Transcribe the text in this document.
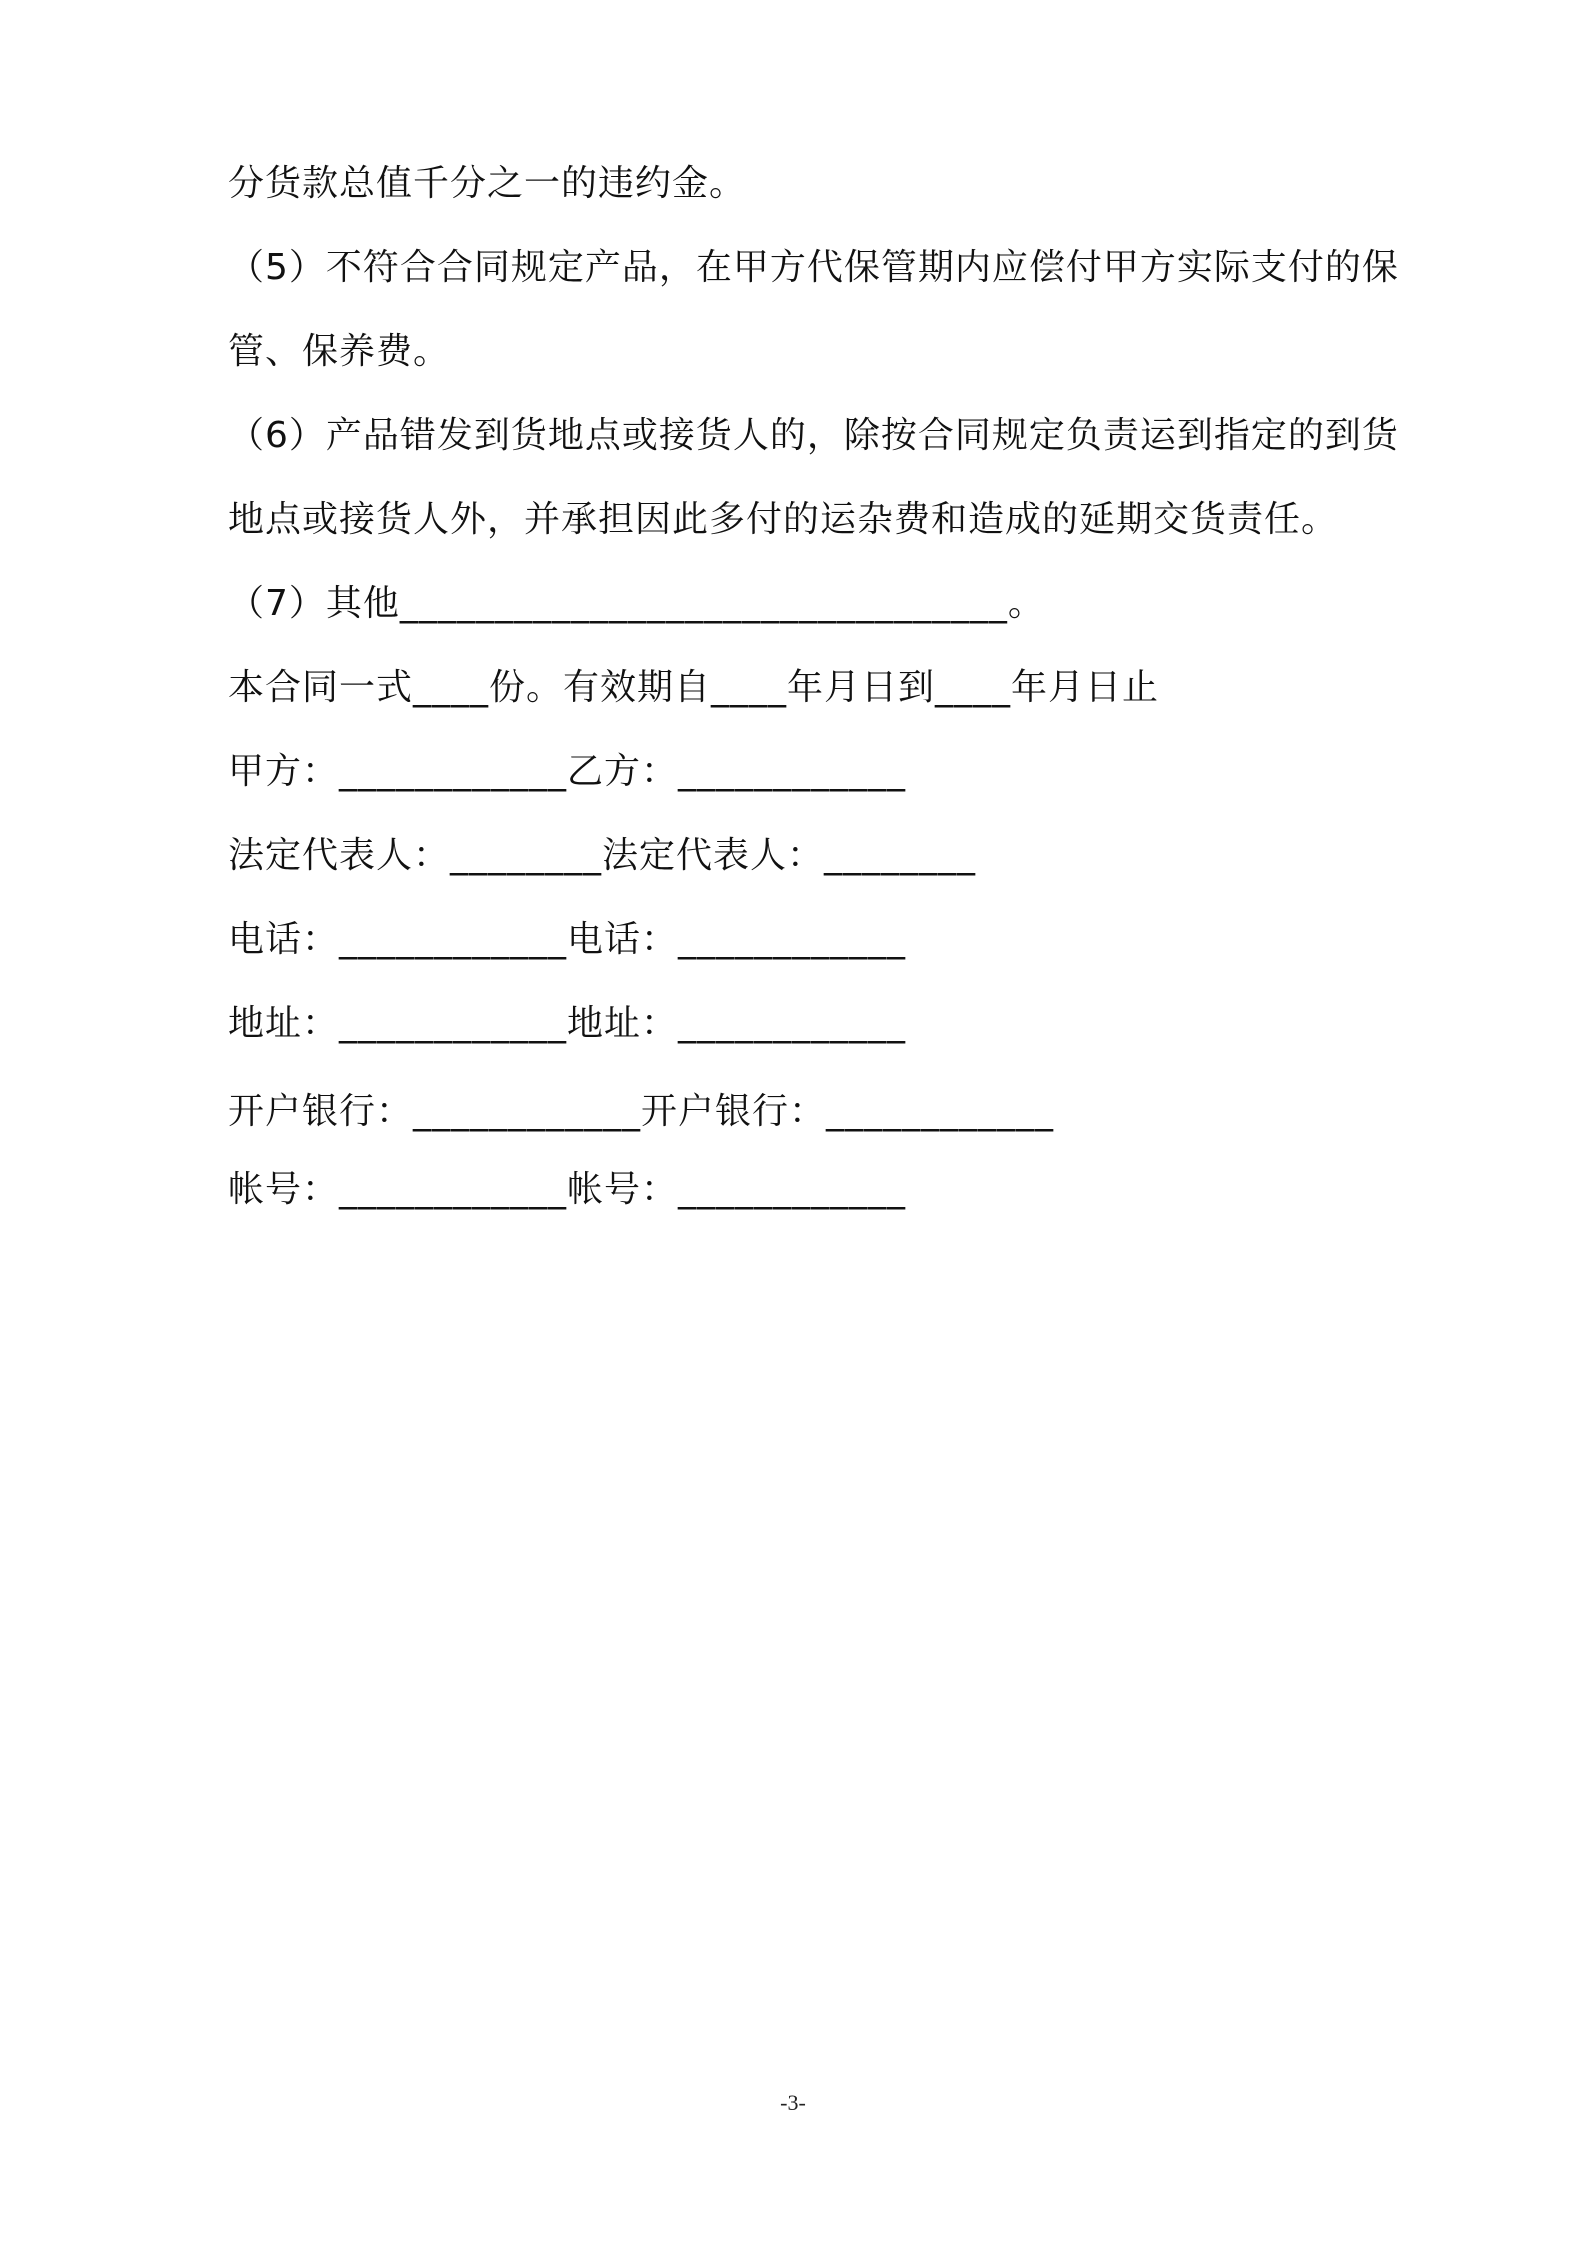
分货款总值千分之一的违约金。
（5）不符合合同规定产品，在甲方代保管期内应偿付甲方实际支付的保
管、保养费。
（6）产品错发到货地点或接货人的，除按合同规定负责运到指定的到货
地点或接货人外，并承担因此多付的运杂费和造成的延期交货责任。
（7）其他________________________________。
本合同一式____份。有效期自____年月日到____年月日止
甲方：____________乙方：____________
法定代表人：________法定代表人：________
电话：____________电话：____________
地址：____________地址：____________
开户银行：____________开户银行：____________
帐号：____________帐号：____________
-3-
